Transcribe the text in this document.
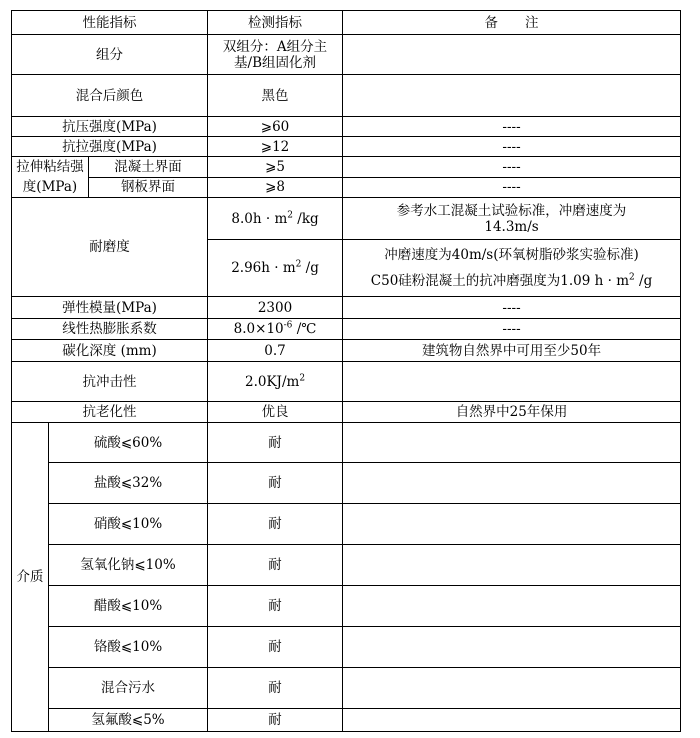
性能指标			检测指标	备　　注
组分			双组分：A组分主基/B组固化剂	
混合后颜色			黑色	
抗压强度(MPa)			⩾60	----
抗拉强度(MPa)			⩾12	----
拉伸粘结强度(MPa)		混凝土界面	⩾5	----
		钢板界面	⩾8	----
耐磨度			$8.0h \cdot m^2$ /kg	参考水工混凝土试验标准，冲磨速度为14.3m/s
			$2.96h \cdot m^2$ /g	冲磨速度为40m/s(环氧树脂砂浆实验标准)
C50硅粉混凝土的抗冲磨强度为1.09 $h \cdot m^2$ /g

弹性模量(MPa)			2300	----
线性热膨胀系数			$8.0\times 10^{-6}$ /℃	----
碳化深度 (mm)			0.7	建筑物自然界中可用至少50年
抗冲击性			$2.0KJ/m^2$	
抗老化性			优良	自然界中25年保用
介质	硫酸⩽60%		耐	
	盐酸⩽32%		耐	
	硝酸⩽10%		耐	
	氢氧化钠⩽10%		耐	
	醋酸⩽10%		耐	
	铬酸⩽10%		耐	
	混合污水		耐	
	氢氟酸⩽5%		耐	
